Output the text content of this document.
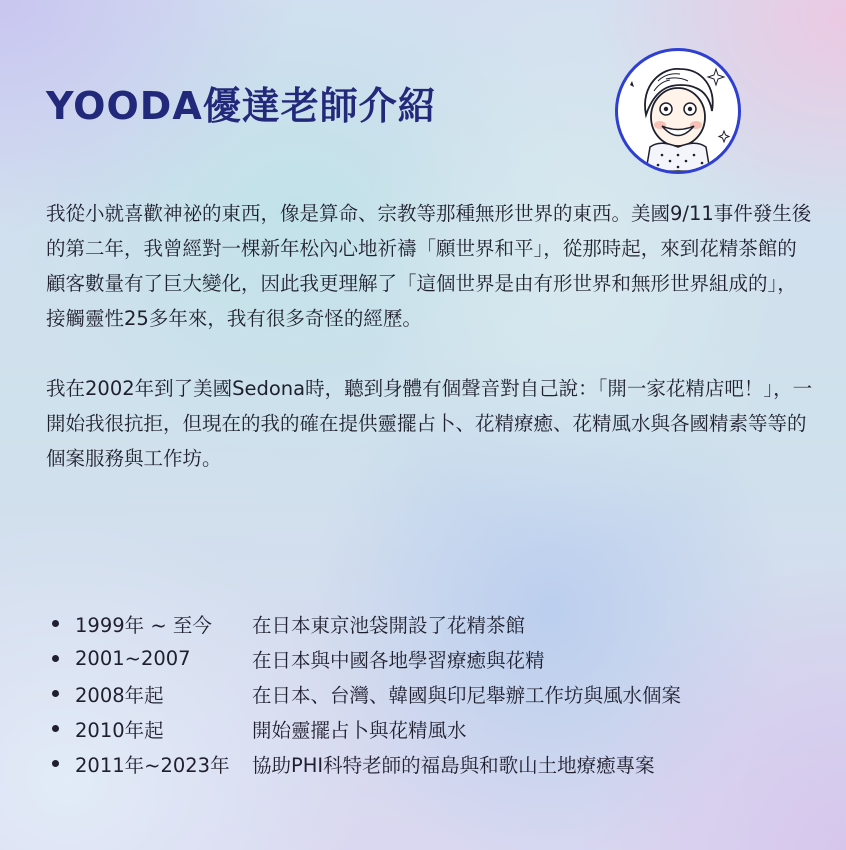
YOODA優達老師介紹

我從小就喜歡神祕的東西，像是算命、宗教等那種無形世界的東西。美國9/11事件發生後的第二年，我曾經對一棵新年松內心地祈禱「願世界和平」，從那時起，來到花精茶館的顧客數量有了巨大變化，因此我更理解了「這個世界是由有形世界和無形世界組成的」，接觸靈性25多年來，我有很多奇怪的經歷。

我在2002年到了美國Sedona時，聽到身體有個聲音對自己說：「開一家花精店吧！」，一開始我很抗拒，但現在的我的確在提供靈擺占卜、花精療癒、花精風水與各國精素等等的個案服務與工作坊。

1999年 ~ 至今	在日本東京池袋開設了花精茶館
2001~2007	在日本與中國各地學習療癒與花精
2008年起	在日本、台灣、韓國與印尼舉辦工作坊與風水個案
2010年起	開始靈擺占卜與花精風水
2011年~2023年	協助PHI科特老師的福島與和歌山土地療癒專案
